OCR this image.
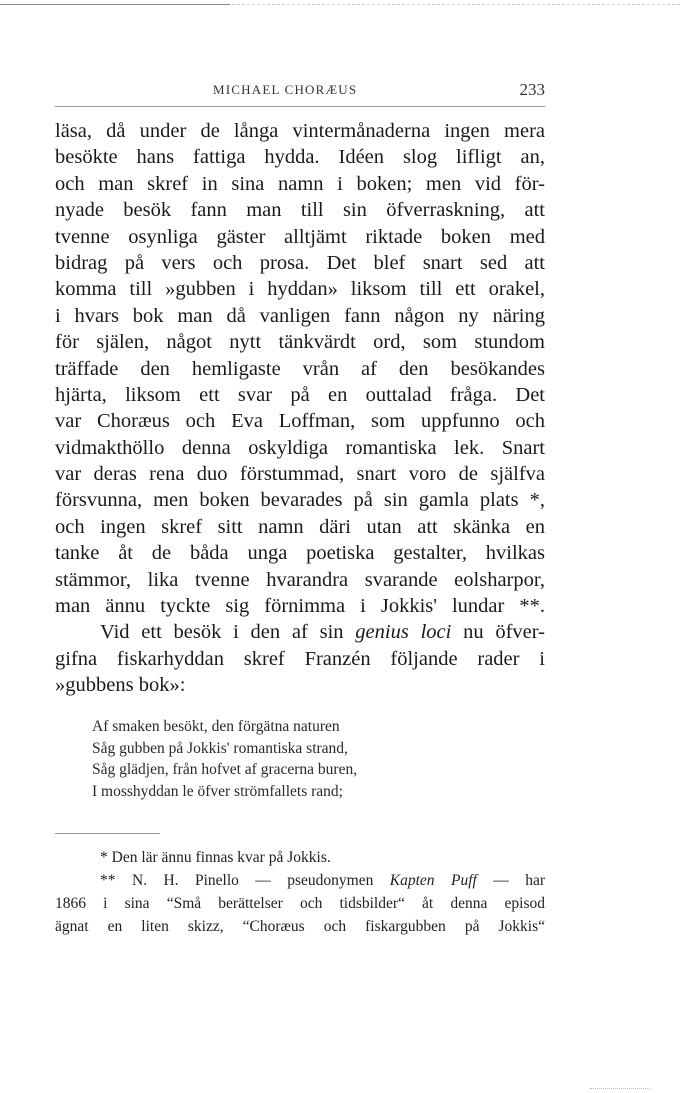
MICHAEL CHORÆUS	233
läsa, då under de långa vintermånaderna ingen mera
besökte hans fattiga hydda. Idéen slog lifligt an,
och man skref in sina namn i boken; men vid för-
nyade besök fann man till sin öfverraskning, att
tvenne osynliga gäster alltjämt riktade boken med
bidrag på vers och prosa. Det blef snart sed att
komma till »gubben i hyddan» liksom till ett orakel,
i hvars bok man då vanligen fann någon ny näring
för själen, något nytt tänkvärdt ord, som stundom
träffade den hemligaste vrån af den besökandes
hjärta, liksom ett svar på en outtalad fråga. Det
var Choræus och Eva Loffman, som uppfunno och
vidmakthöllo denna oskyldiga romantiska lek. Snart
var deras rena duo förstummad, snart voro de själfva
försvunna, men boken bevarades på sin gamla plats *,
och ingen skref sitt namn däri utan att skänka en
tanke åt de båda unga poetiska gestalter, hvilkas
stämmor, lika tvenne hvarandra svarande eolsharpor,
man ännu tyckte sig förnimma i Jokkis' lundar **.
Vid ett besök i den af sin genius loci nu öfver-
gifna fiskarhyddan skref Franzén följande rader i
»gubbens bok»:
Af smaken besökt, den förgätna naturen
Såg gubben på Jokkis' romantiska strand,
Såg glädjen, från hofvet af gracerna buren,
I mosshyddan le öfver strömfallets rand;
* Den lär ännu finnas kvar på Jokkis.
** N. H. Pinello — pseudonymen Kapten Puff — har
1866 i sina “Små berättelser och tidsbilder“ åt denna episod
ägnat en liten skizz, “Choræus och fiskargubben på Jokkis“
